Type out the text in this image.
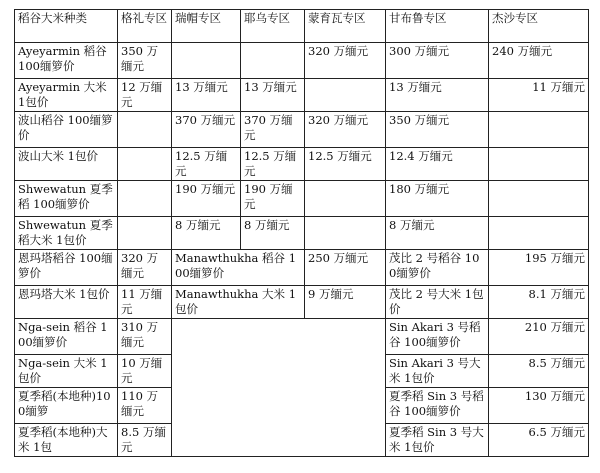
稻谷大米种类	格礼专区	瑞帽专区	耶乌专区	蒙育瓦专区	甘布鲁专区	杰沙专区
Ayeyarmin 稻谷 100缅箩价	350 万缅元			320 万缅元	300 万缅元	240 万缅元
Ayeyarmin 大米 1包价	12 万缅元	13 万缅元	13 万缅元		13 万缅元	11 万缅元
波山稻谷 100缅箩价		370 万缅元	370 万缅元	320 万缅元	350 万缅元	
波山大米 1包价		12.5 万缅元	12.5 万缅元	12.5 万缅元	12.4 万缅元	
Shwewatun 夏季稻 100缅箩价		190 万缅元	190 万缅元		180 万缅元	
Shwewatun 夏季稻大米 1包价		8 万缅元	8 万缅元		8 万缅元	
恩玛塔稻谷 100缅箩价	320 万缅元	Manawthukha 稻谷 100缅箩价		250 万缅元	茂比 2 号稻谷 100缅箩价	195 万缅元
恩玛塔大米 1包价	11 万缅元	Manawthukha 大米 1包价		9 万缅元	茂比 2 号大米 1包价	8.1 万缅元
Nga-sein 稻谷 100缅箩价	310 万缅元				Sin Akari 3 号稻谷 100缅箩价	210 万缅元
Nga-sein 大米 1包价	10 万缅元				Sin Akari 3 号大米 1包价	8.5 万缅元
夏季稻(本地种)100缅箩	110 万缅元				夏季稻 Sin 3 号稻谷 100缅箩价	130 万缅元
夏季稻(本地种)大米 1包	8.5 万缅元				夏季稻 Sin 3 号大米 1包价	6.5 万缅元
